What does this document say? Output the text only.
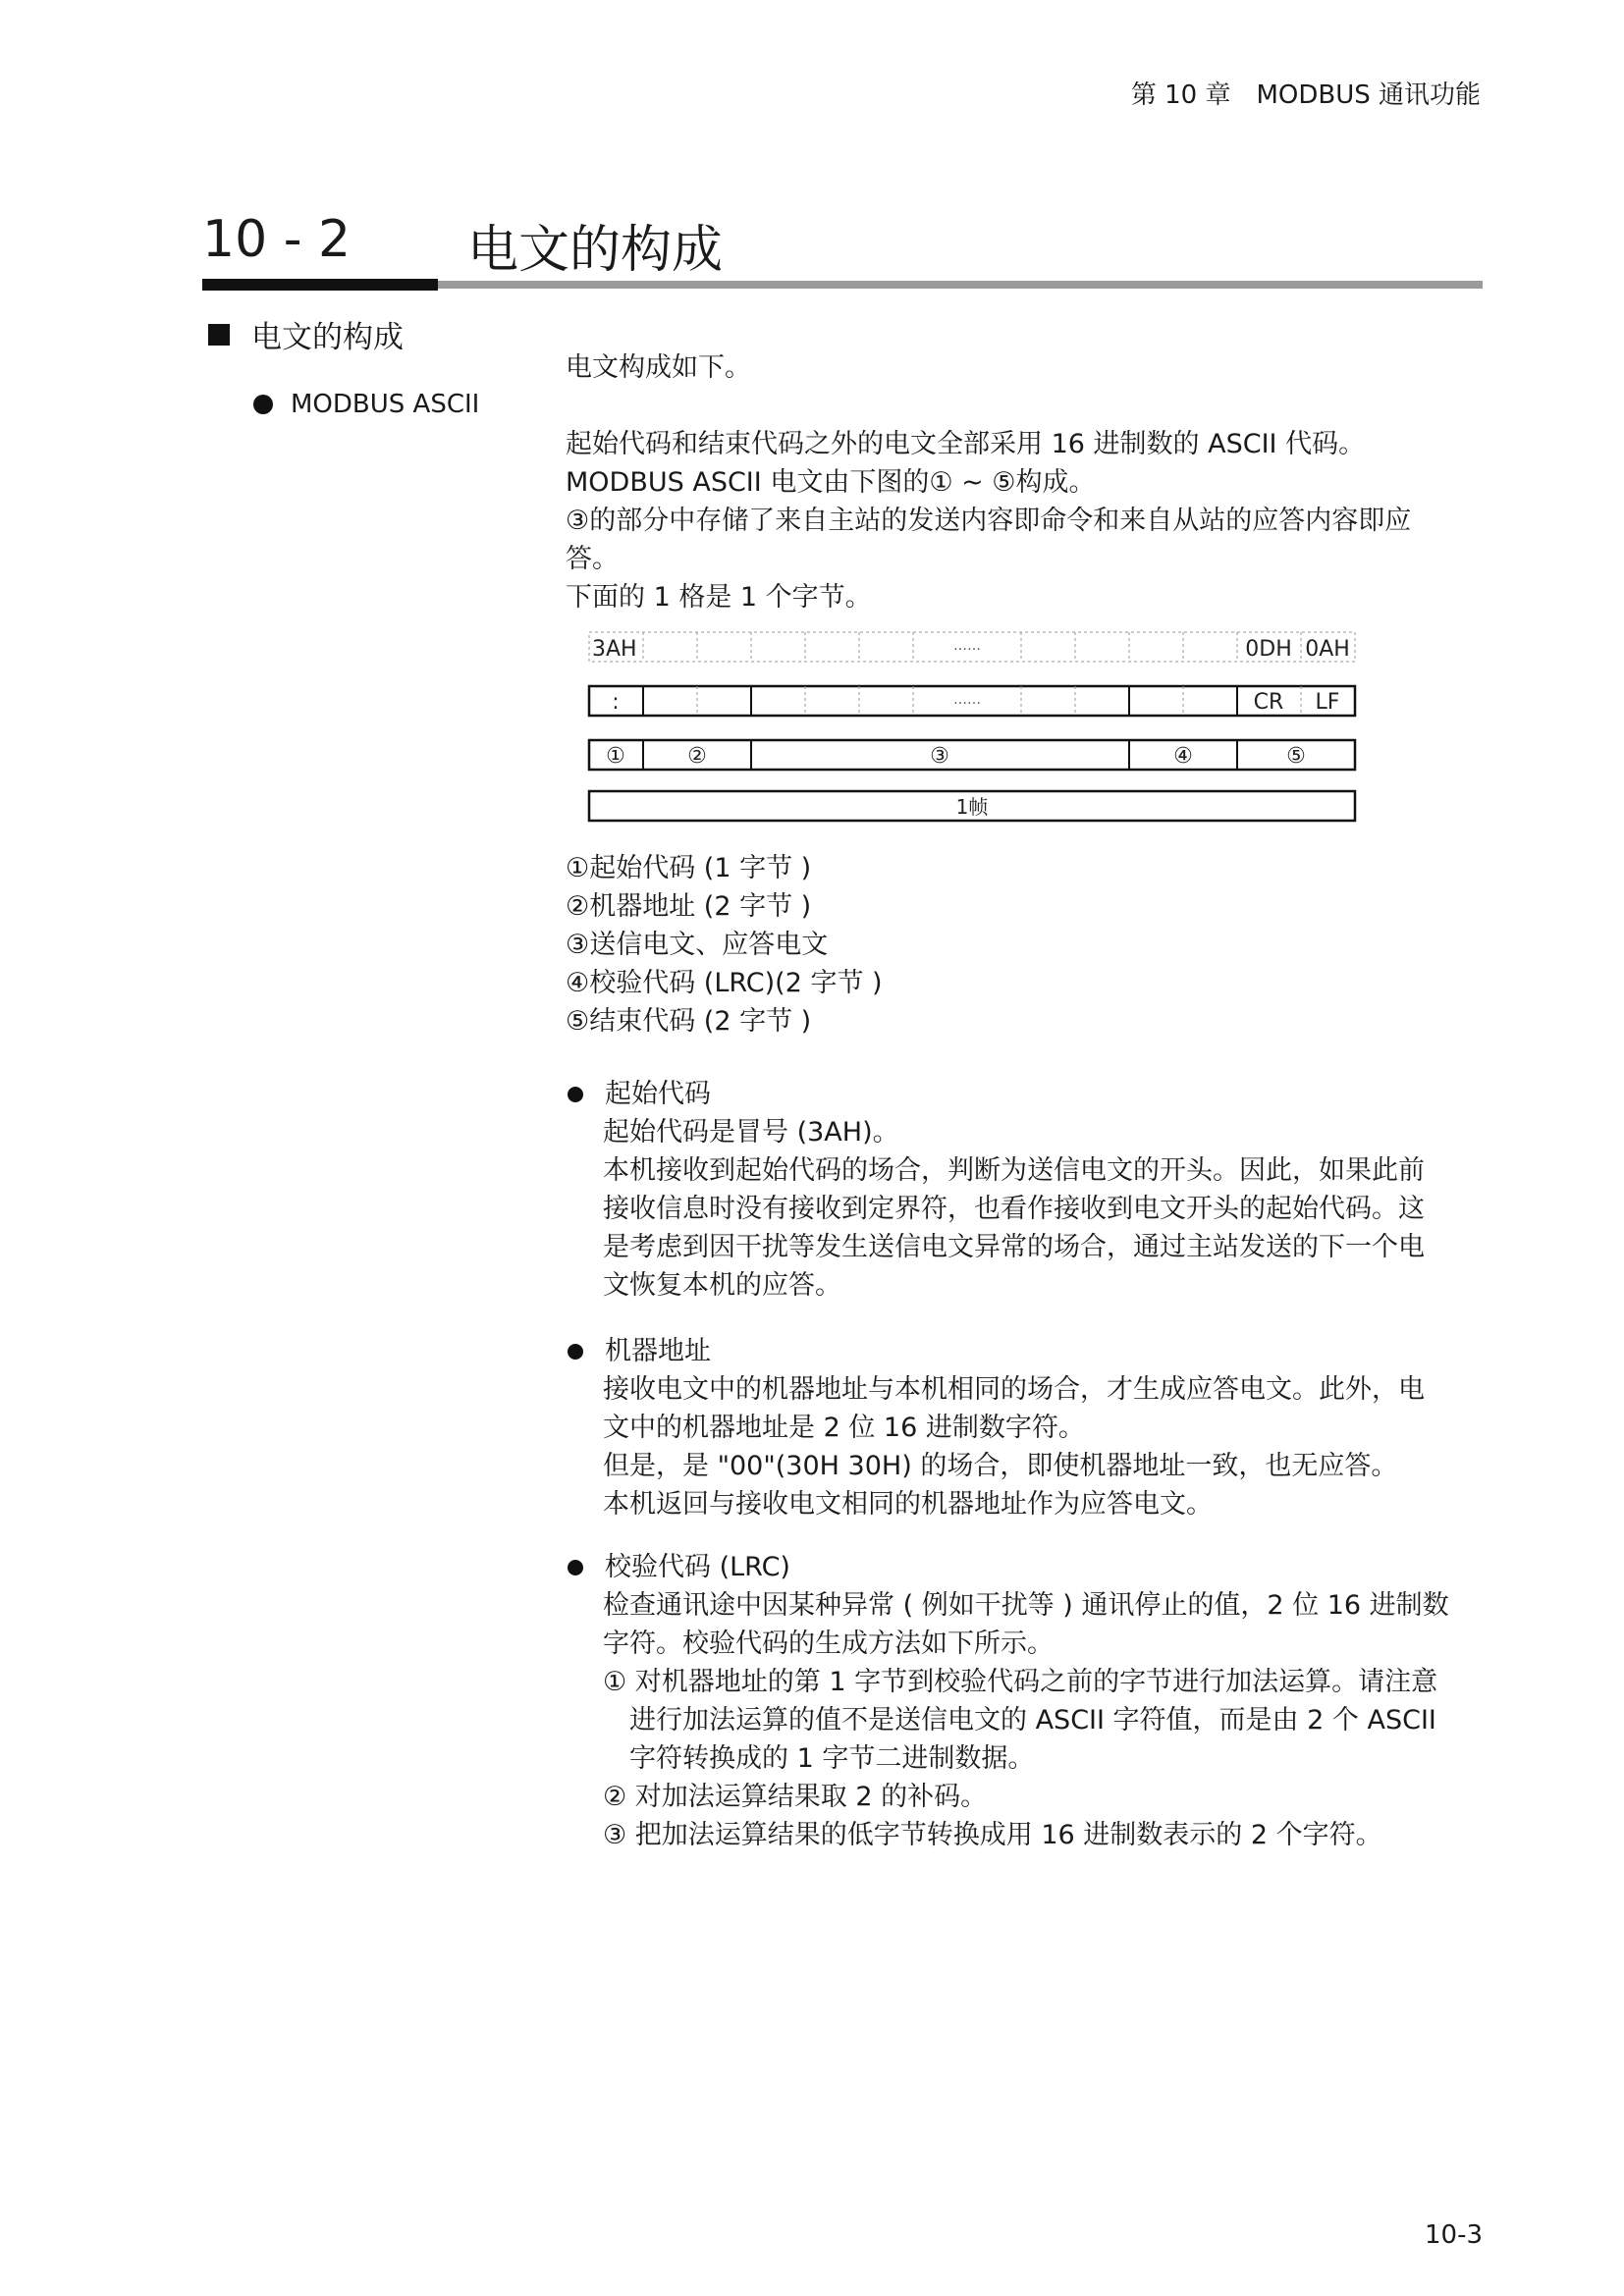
第 10 章　MODBUS 通讯功能
10 - 2 电文的构成
电文的构成
MODBUS ASCII
电文构成如下。
起始代码和结束代码之外的电文全部采用 16 进制数的 ASCII 代码。
MODBUS ASCII 电文由下图的① ~ ⑤构成。
③的部分中存储了来自主站的发送内容即命令和来自从站的应答内容即应
答。
下面的 1 格是 1 个字节。
3AH	……	0DH 0AH
:	……	CR LF
①	②	③	④	⑤
1帧
①起始代码 (1 字节 )
②机器地址 (2 字节 )
③送信电文、应答电文
④校验代码 (LRC)(2 字节 )
⑤结束代码 (2 字节 )
起始代码
起始代码是冒号 (3AH)。
本机接收到起始代码的场合，判断为送信电文的开头。因此，如果此前
接收信息时没有接收到定界符，也看作接收到电文开头的起始代码。这
是考虑到因干扰等发生送信电文异常的场合，通过主站发送的下一个电
文恢复本机的应答。
机器地址
接收电文中的机器地址与本机相同的场合，才生成应答电文。此外，电
文中的机器地址是 2 位 16 进制数字符。
但是，是 "00"(30H 30H) 的场合，即使机器地址一致，也无应答。
本机返回与接收电文相同的机器地址作为应答电文。
校验代码 (LRC)
检查通讯途中因某种异常 ( 例如干扰等 ) 通讯停止的值，2 位 16 进制数
字符。校验代码的生成方法如下所示。
① 对机器地址的第 1 字节到校验代码之前的字节进行加法运算。请注意
　进行加法运算的值不是送信电文的 ASCII 字符值，而是由 2 个 ASCII
　字符转换成的 1 字节二进制数据。
② 对加法运算结果取 2 的补码。
③ 把加法运算结果的低字节转换成用 16 进制数表示的 2 个字符。
10-3
